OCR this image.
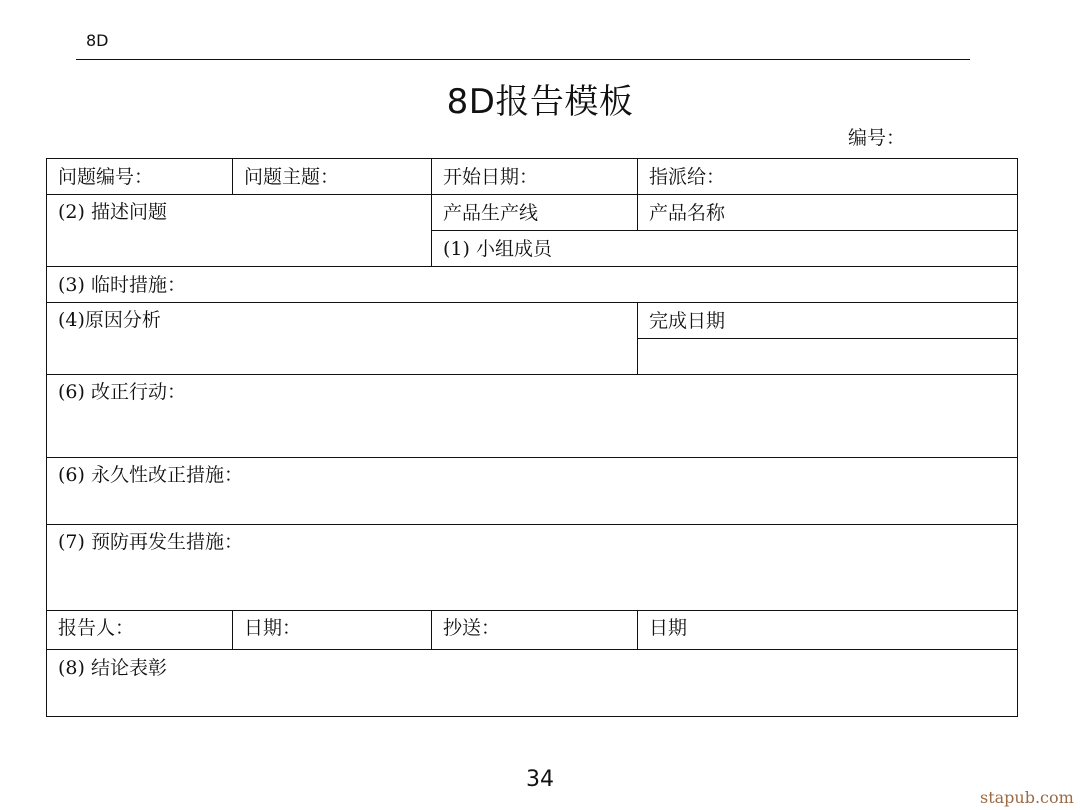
8D
8D报告模板
编号：
问题编号：	问题主题：	开始日期：	指派给：
(2) 描述问题	产品生产线	产品名称
(1) 小组成员
(3) 临时措施：
(4)原因分析	完成日期
(6) 改正行动：
(6) 永久性改正措施：
(7) 预防再发生措施：
报告人：	日期：	抄送：	日期
(8) 结论表彰
34
stapub.com
